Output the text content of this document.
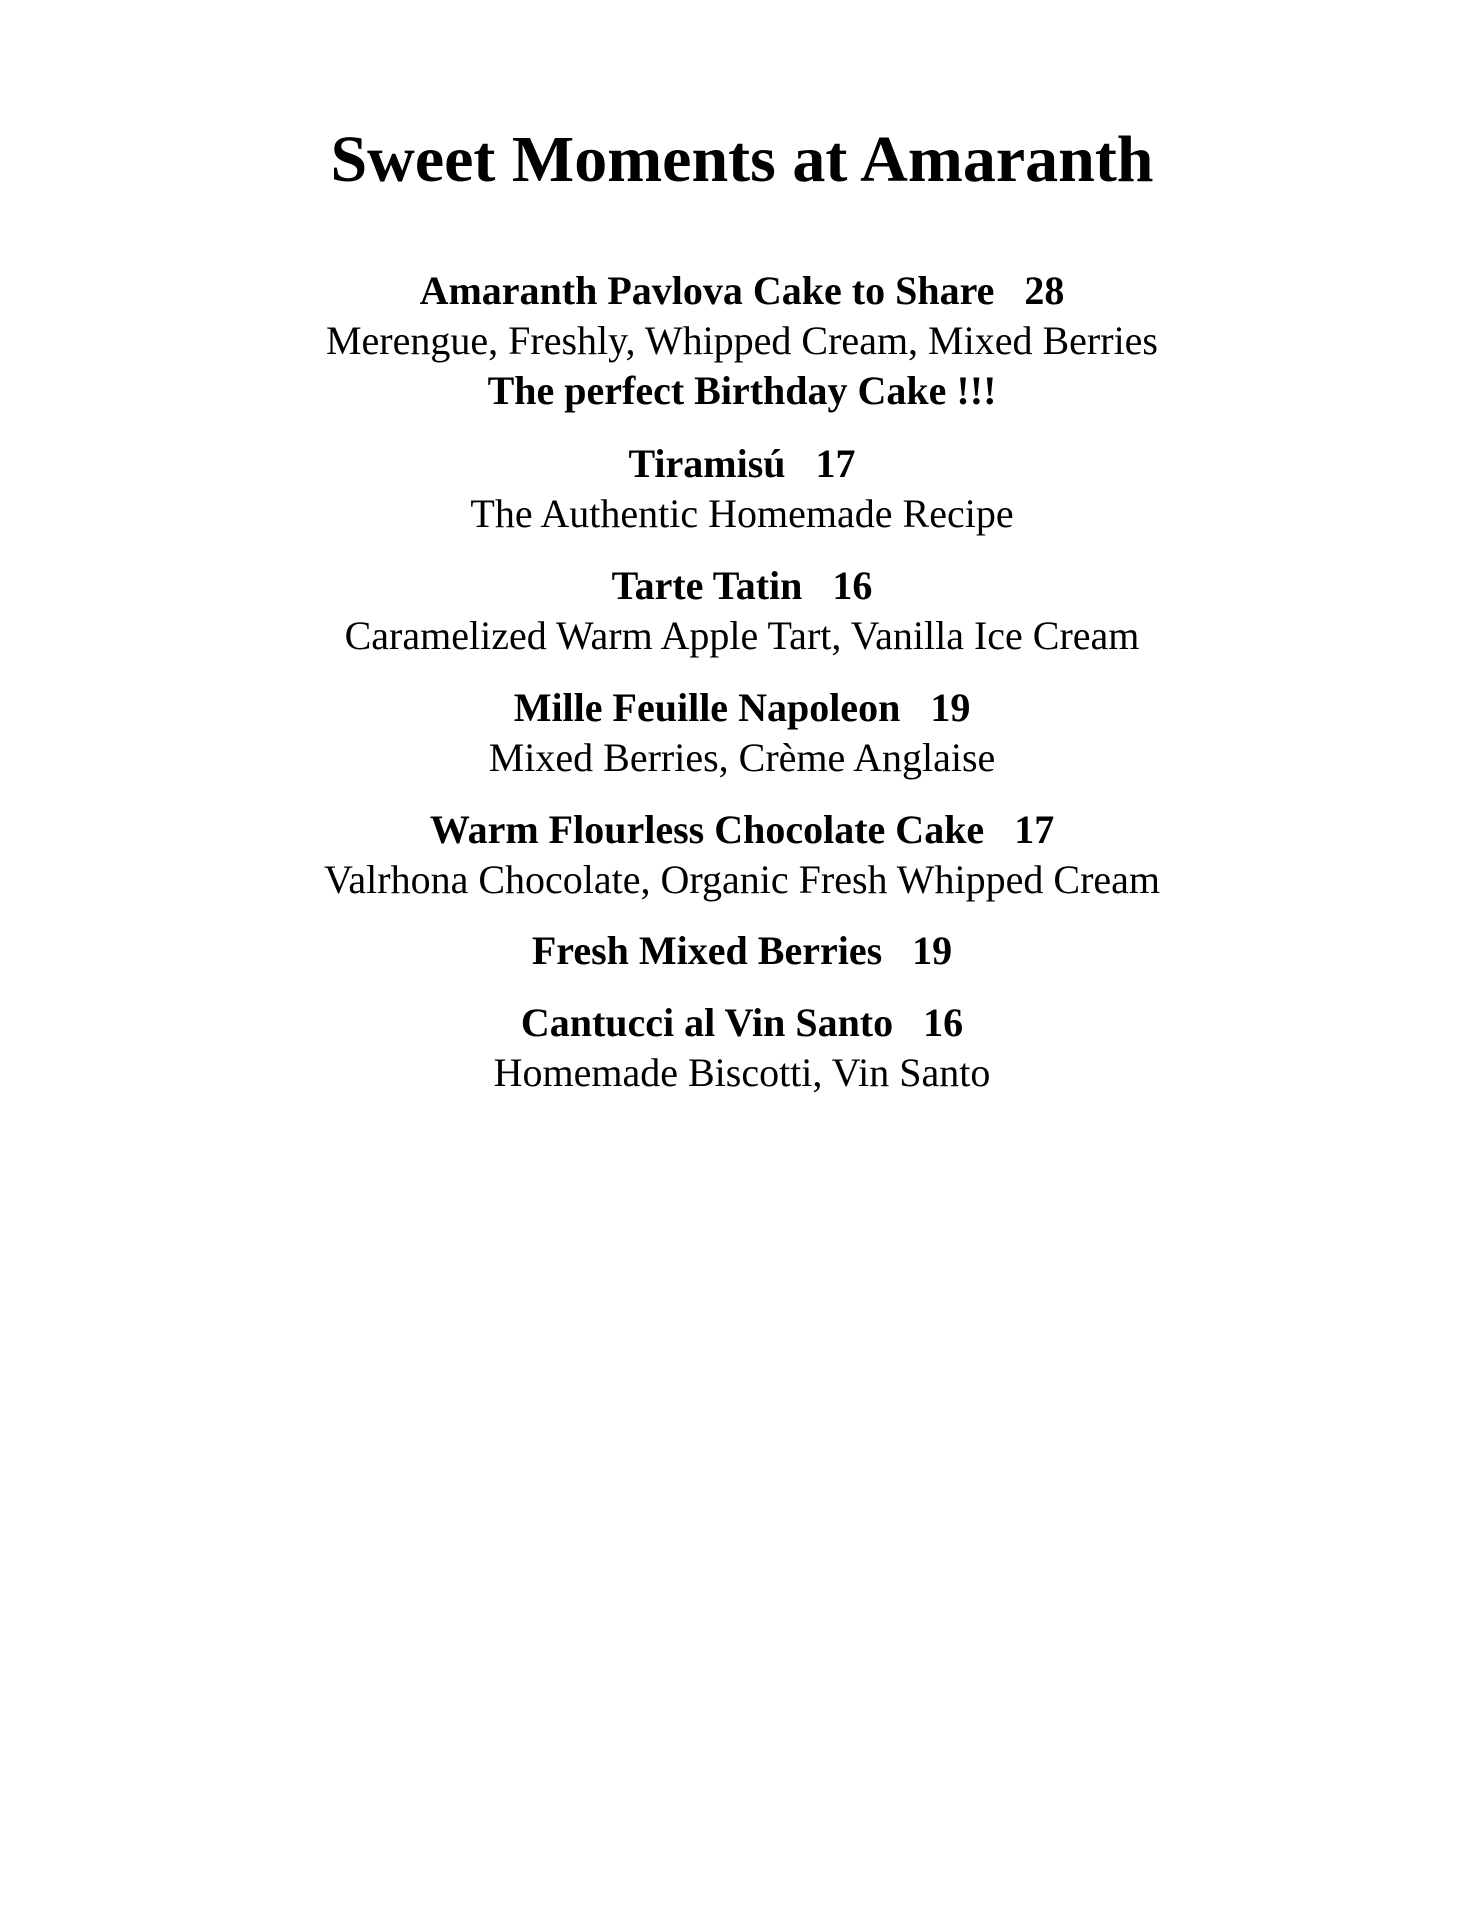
Sweet Moments at Amaranth
Amaranth Pavlova Cake to Share 28
Merengue, Freshly, Whipped Cream, Mixed Berries
The perfect Birthday Cake !!!
Tiramisú 17
The Authentic Homemade Recipe
Tarte Tatin 16
Caramelized Warm Apple Tart, Vanilla Ice Cream
Mille Feuille Napoleon 19
Mixed Berries, Crème Anglaise
Warm Flourless Chocolate Cake 17
Valrhona Chocolate, Organic Fresh Whipped Cream
Fresh Mixed Berries 19
Cantucci al Vin Santo 16
Homemade Biscotti, Vin Santo
